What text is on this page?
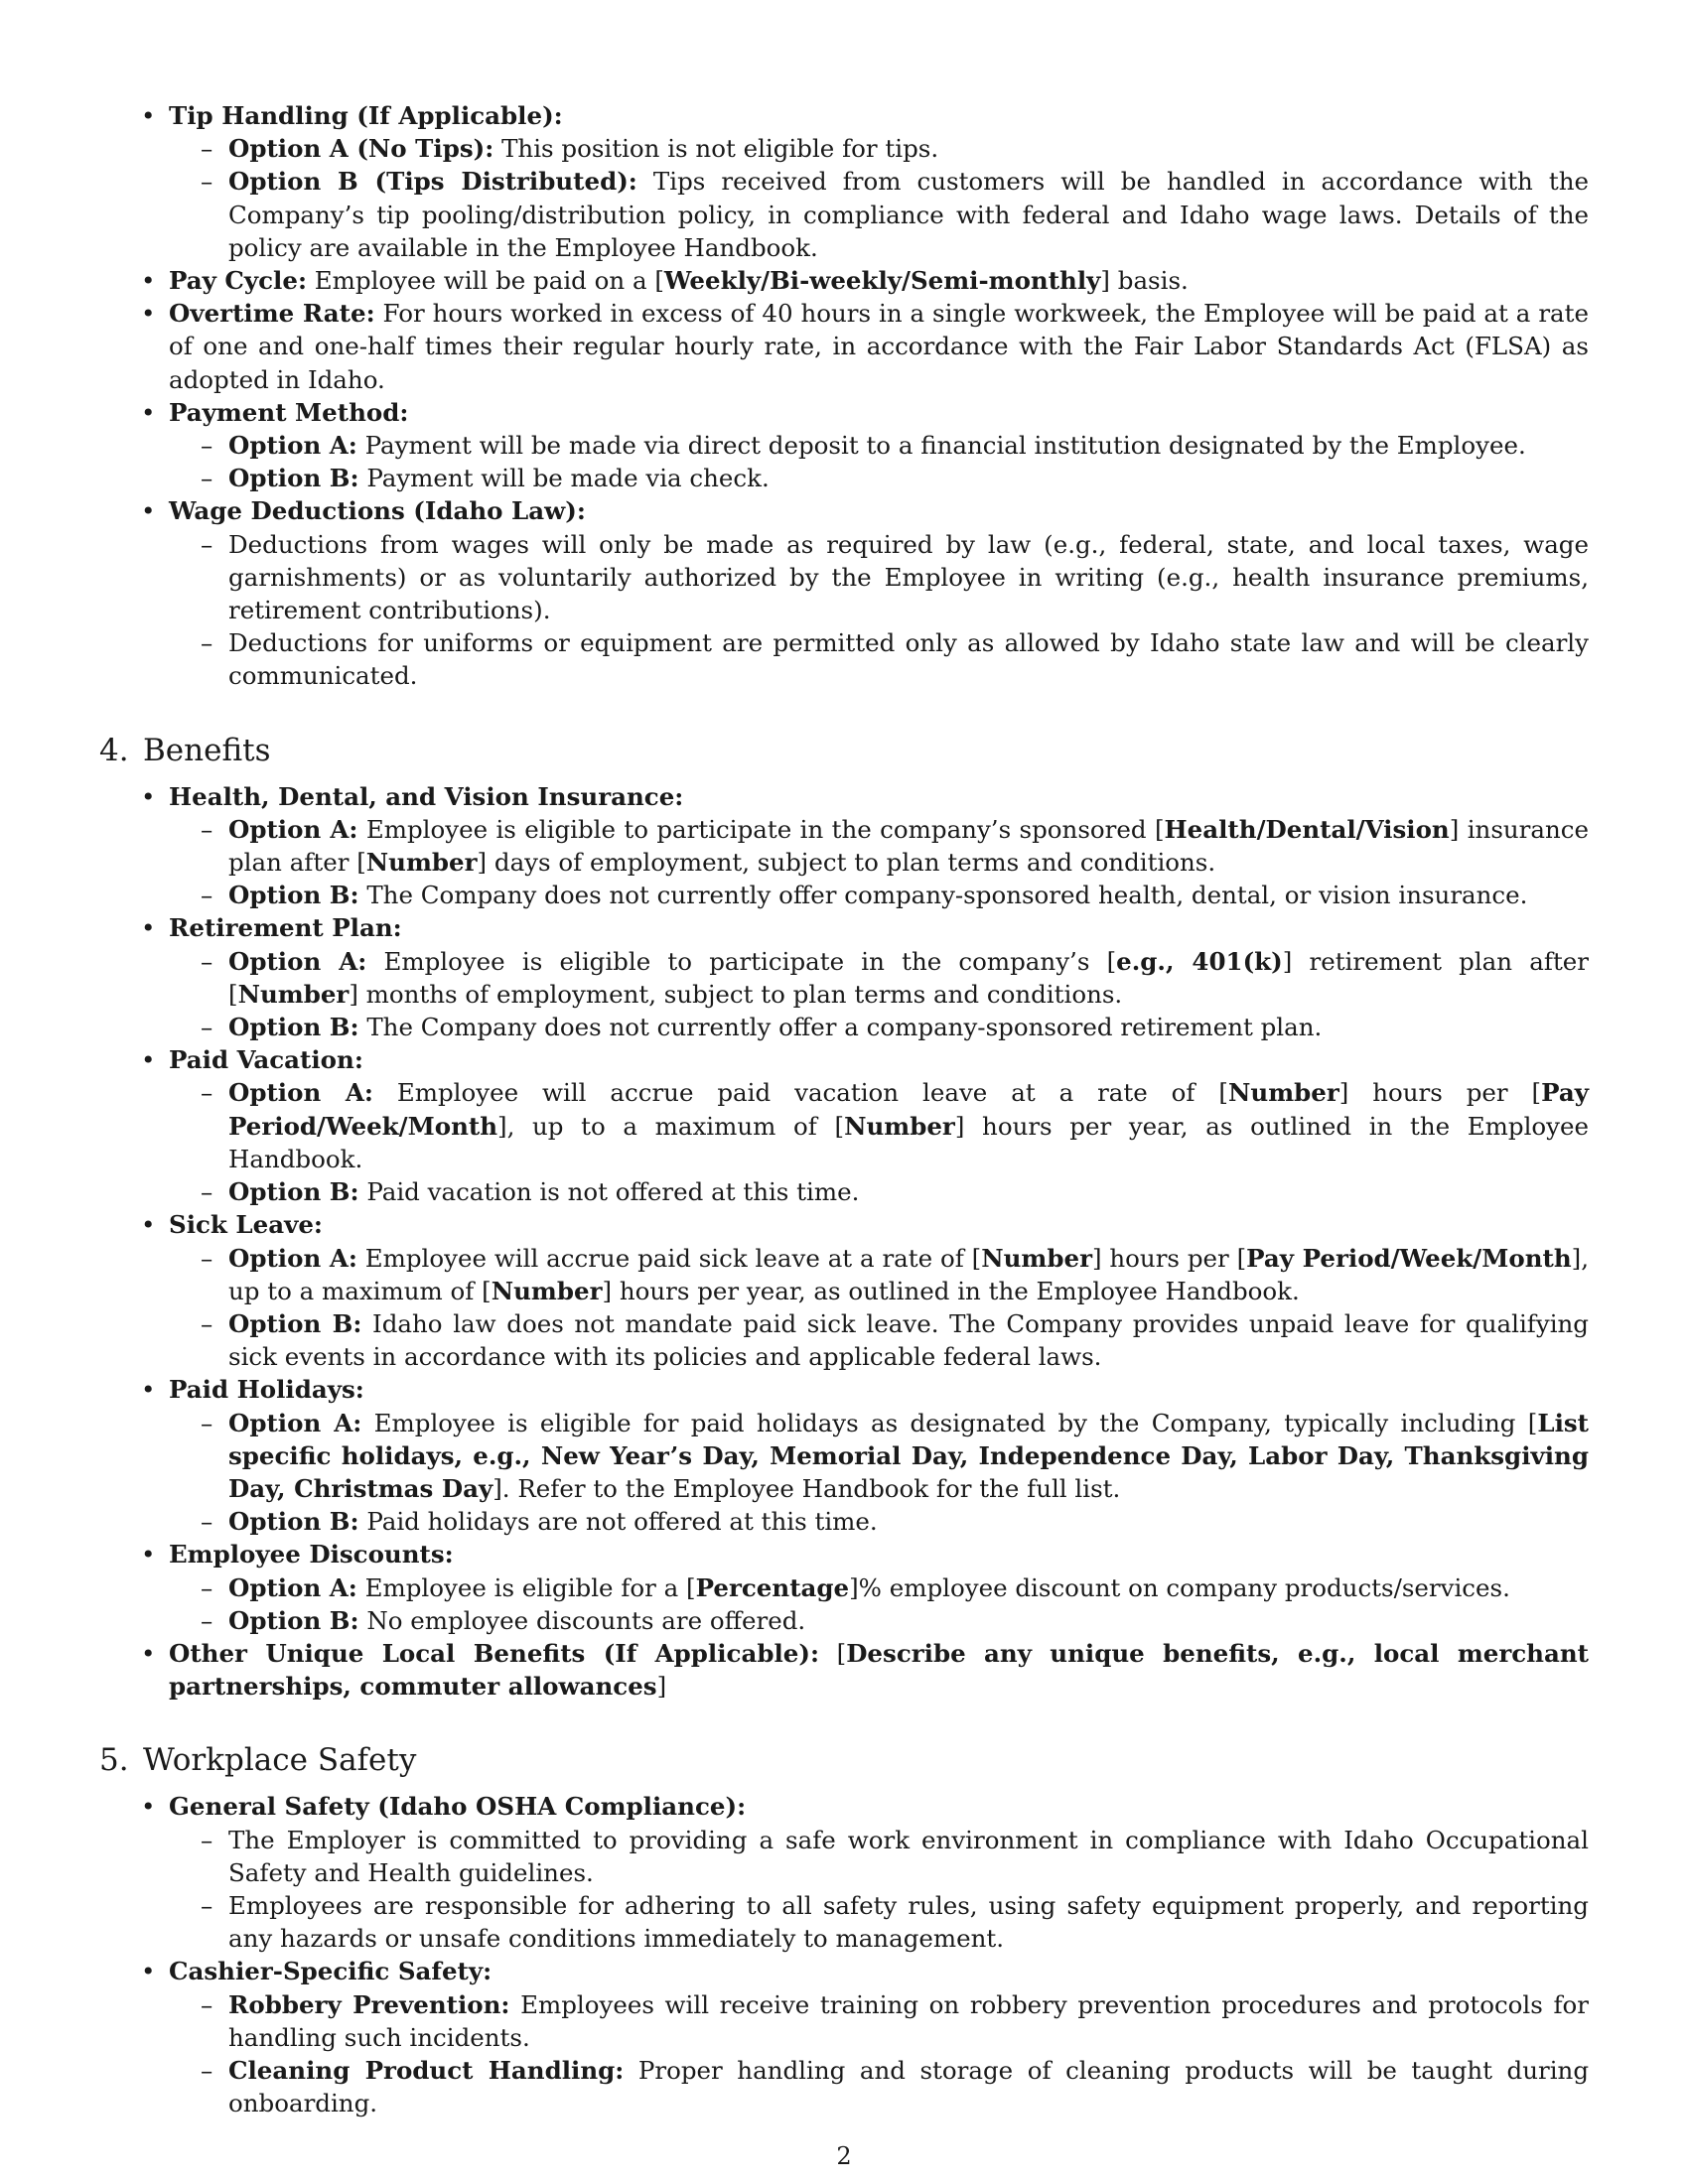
• Tip Handling (If Applicable):
– Option A (No Tips): This position is not eligible for tips.
– Option B (Tips Distributed): Tips received from customers will be handled in accordance with the Company’s tip pooling/distribution policy, in compliance with federal and Idaho wage laws. Details of the policy are available in the Employee Handbook.
• Pay Cycle: Employee will be paid on a [Weekly/Bi-weekly/Semi-monthly] basis.
• Overtime Rate: For hours worked in excess of 40 hours in a single workweek, the Employee will be paid at a rate of one and one-half times their regular hourly rate, in accordance with the Fair Labor Standards Act (FLSA) as adopted in Idaho.
• Payment Method:
– Option A: Payment will be made via direct deposit to a financial institution designated by the Employee.
– Option B: Payment will be made via check.
• Wage Deductions (Idaho Law):
– Deductions from wages will only be made as required by law (e.g., federal, state, and local taxes, wage garnishments) or as voluntarily authorized by the Employee in writing (e.g., health insurance premiums, retirement contributions).
– Deductions for uniforms or equipment are permitted only as allowed by Idaho state law and will be clearly communicated.
4. Benefits
• Health, Dental, and Vision Insurance:
– Option A: Employee is eligible to participate in the company’s sponsored [Health/Dental/Vision] insurance plan after [Number] days of employment, subject to plan terms and conditions.
– Option B: The Company does not currently offer company-sponsored health, dental, or vision insurance.
• Retirement Plan:
– Option A: Employee is eligible to participate in the company’s [e.g., 401(k)] retirement plan after [Number] months of employment, subject to plan terms and conditions.
– Option B: The Company does not currently offer a company-sponsored retirement plan.
• Paid Vacation:
– Option A: Employee will accrue paid vacation leave at a rate of [Number] hours per [Pay Period/Week/Month], up to a maximum of [Number] hours per year, as outlined in the Employee Handbook.
– Option B: Paid vacation is not offered at this time.
• Sick Leave:
– Option A: Employee will accrue paid sick leave at a rate of [Number] hours per [Pay Period/Week/Month], up to a maximum of [Number] hours per year, as outlined in the Employee Handbook.
– Option B: Idaho law does not mandate paid sick leave. The Company provides unpaid leave for qualifying sick events in accordance with its policies and applicable federal laws.
• Paid Holidays:
– Option A: Employee is eligible for paid holidays as designated by the Company, typically including [List specific holidays, e.g., New Year’s Day, Memorial Day, Independence Day, Labor Day, Thanksgiving Day, Christmas Day]. Refer to the Employee Handbook for the full list.
– Option B: Paid holidays are not offered at this time.
• Employee Discounts:
– Option A: Employee is eligible for a [Percentage]% employee discount on company products/services.
– Option B: No employee discounts are offered.
• Other Unique Local Benefits (If Applicable): [Describe any unique benefits, e.g., local merchant partnerships, commuter allowances]
5. Workplace Safety
• General Safety (Idaho OSHA Compliance):
– The Employer is committed to providing a safe work environment in compliance with Idaho Occupational Safety and Health guidelines.
– Employees are responsible for adhering to all safety rules, using safety equipment properly, and reporting any hazards or unsafe conditions immediately to management.
• Cashier-Specific Safety:
– Robbery Prevention: Employees will receive training on robbery prevention procedures and protocols for handling such incidents.
– Cleaning Product Handling: Proper handling and storage of cleaning products will be taught during onboarding.
2
